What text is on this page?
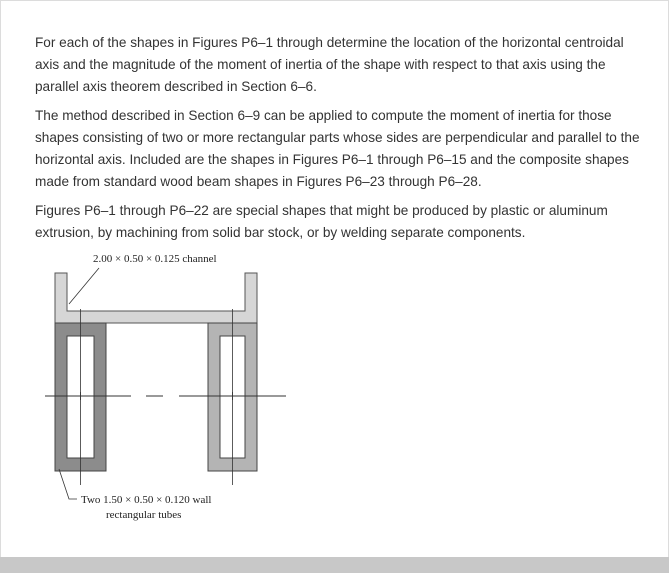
For each of the shapes in Figures P6–1 through determine the location of the horizontal centroidal axis and the magnitude of the moment of inertia of the shape with respect to that axis using the parallel axis theorem described in Section 6–6.

The method described in Section 6–9 can be applied to compute the moment of inertia for those shapes consisting of two or more rectangular parts whose sides are perpendicular and parallel to the horizontal axis. Included are the shapes in Figures P6–1 through P6–15 and the composite shapes made from standard wood beam shapes in Figures P6–23 through P6–28.

Figures P6–1 through P6–22 are special shapes that might be produced by plastic or aluminum extrusion, by machining from solid bar stock, or by welding separate components.

2.00 × 0.50 × 0.125 channel
Two 1.50 × 0.50 × 0.120 wall
rectangular tubes
